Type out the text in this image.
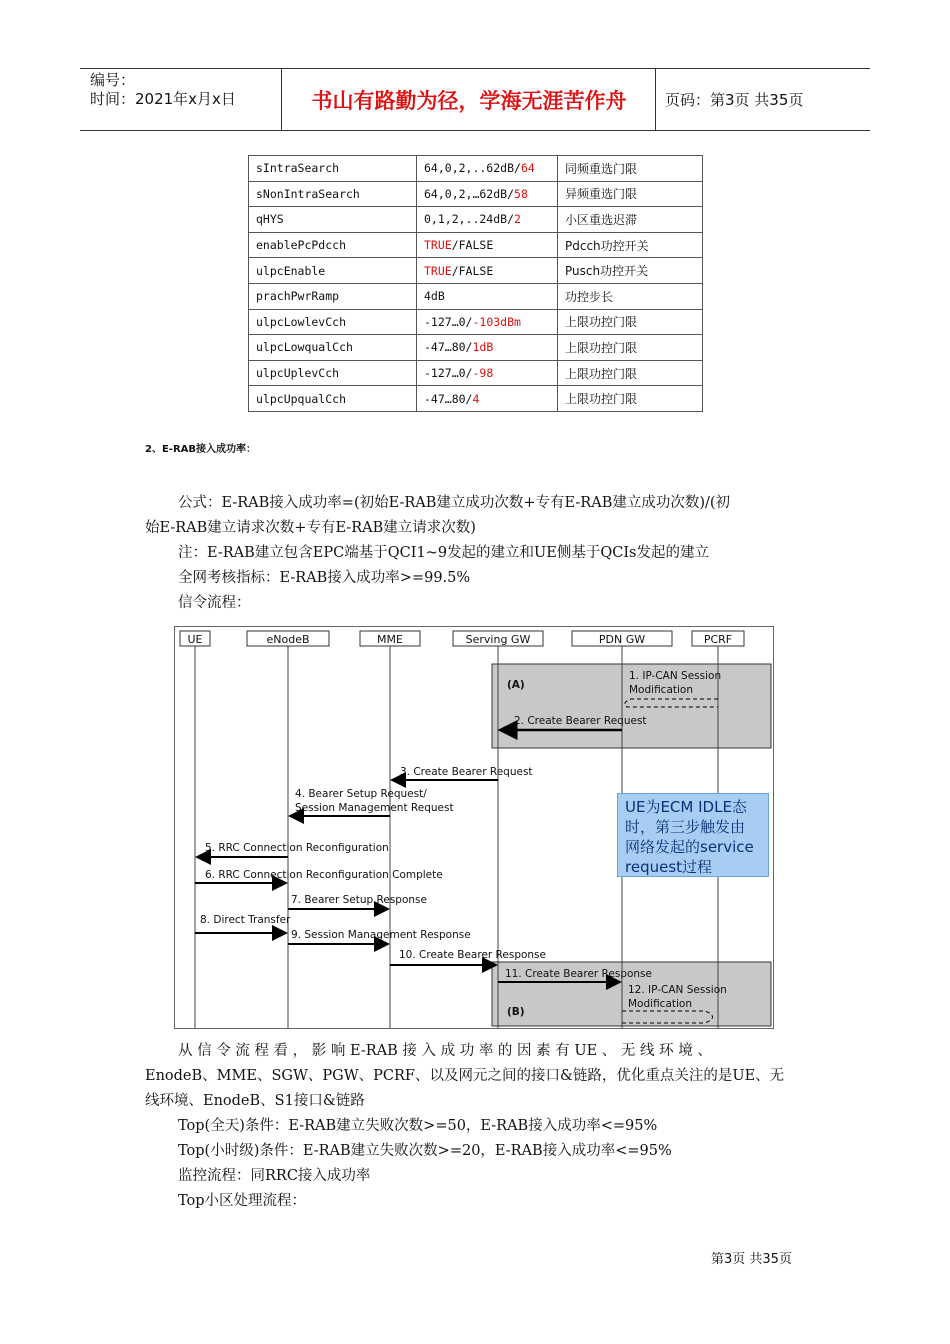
编号：
时间：2021年x月x日	书山有路勤为径，学海无涯苦作舟	页码：第3页 共35页
sIntraSearch	64,0,2,..62dB/64	同频重选门限
sNonIntraSearch	64,0,2,…62dB/58	异频重选门限
qHYS	0,1,2,..24dB/2	小区重选迟滞
enablePcPdcch	TRUE/FALSE	Pdcch功控开关
ulpcEnable	TRUE/FALSE	Pusch功控开关
prachPwrRamp	4dB	功控步长
ulpcLowlevCch	-127…0/-103dBm	上限功控门限
ulpcLowqualCch	-47…80/1dB	上限功控门限
ulpcUplevCch	-127…0/-98	上限功控门限
ulpcUpqualCch	-47…80/4	上限功控门限
2、E-RAB接入成功率：
公式：E-RAB接入成功率=(初始E-RAB建立成功次数+专有E-RAB建立成功次数)/(初
始E-RAB建立请求次数+专有E-RAB建立请求次数)
注：E-RAB建立包含EPC端基于QCI1~9发起的建立和UE侧基于QCIs发起的建立
全网考核指标：E-RAB接入成功率>=99.5%
信令流程：
UE	eNodeB	MME	Serving GW	PDN GW	PCRF
(A)
(B)
1. IP-CAN Session
Modification
2. Create Bearer Request
3. Create Bearer Request
4. Bearer Setup Request/
Session Management Request
5. RRC Connection Reconfiguration
6. RRC Connection Reconfiguration Complete
7. Bearer Setup Response
8. Direct Transfer
9. Session Management Response
10. Create Bearer Response
11. Create Bearer Response
12. IP-CAN Session
Modification
UE为ECM IDLE态
时，第三步触发由
网络发起的service
request过程
从 信 令 流 程 看 ， 影 响 E-RAB 接 入 成 功 率 的 因 素 有 UE 、 无 线 环 境 、
EnodeB、MME、SGW、PGW、PCRF、以及网元之间的接口&链路，优化重点关注的是UE、无
线环境、EnodeB、S1接口&链路
Top(全天)条件：E-RAB建立失败次数>=50，E-RAB接入成功率<=95%
Top(小时级)条件：E-RAB建立失败次数>=20，E-RAB接入成功率<=95%
监控流程：同RRC接入成功率
Top小区处理流程：
第3页 共35页
